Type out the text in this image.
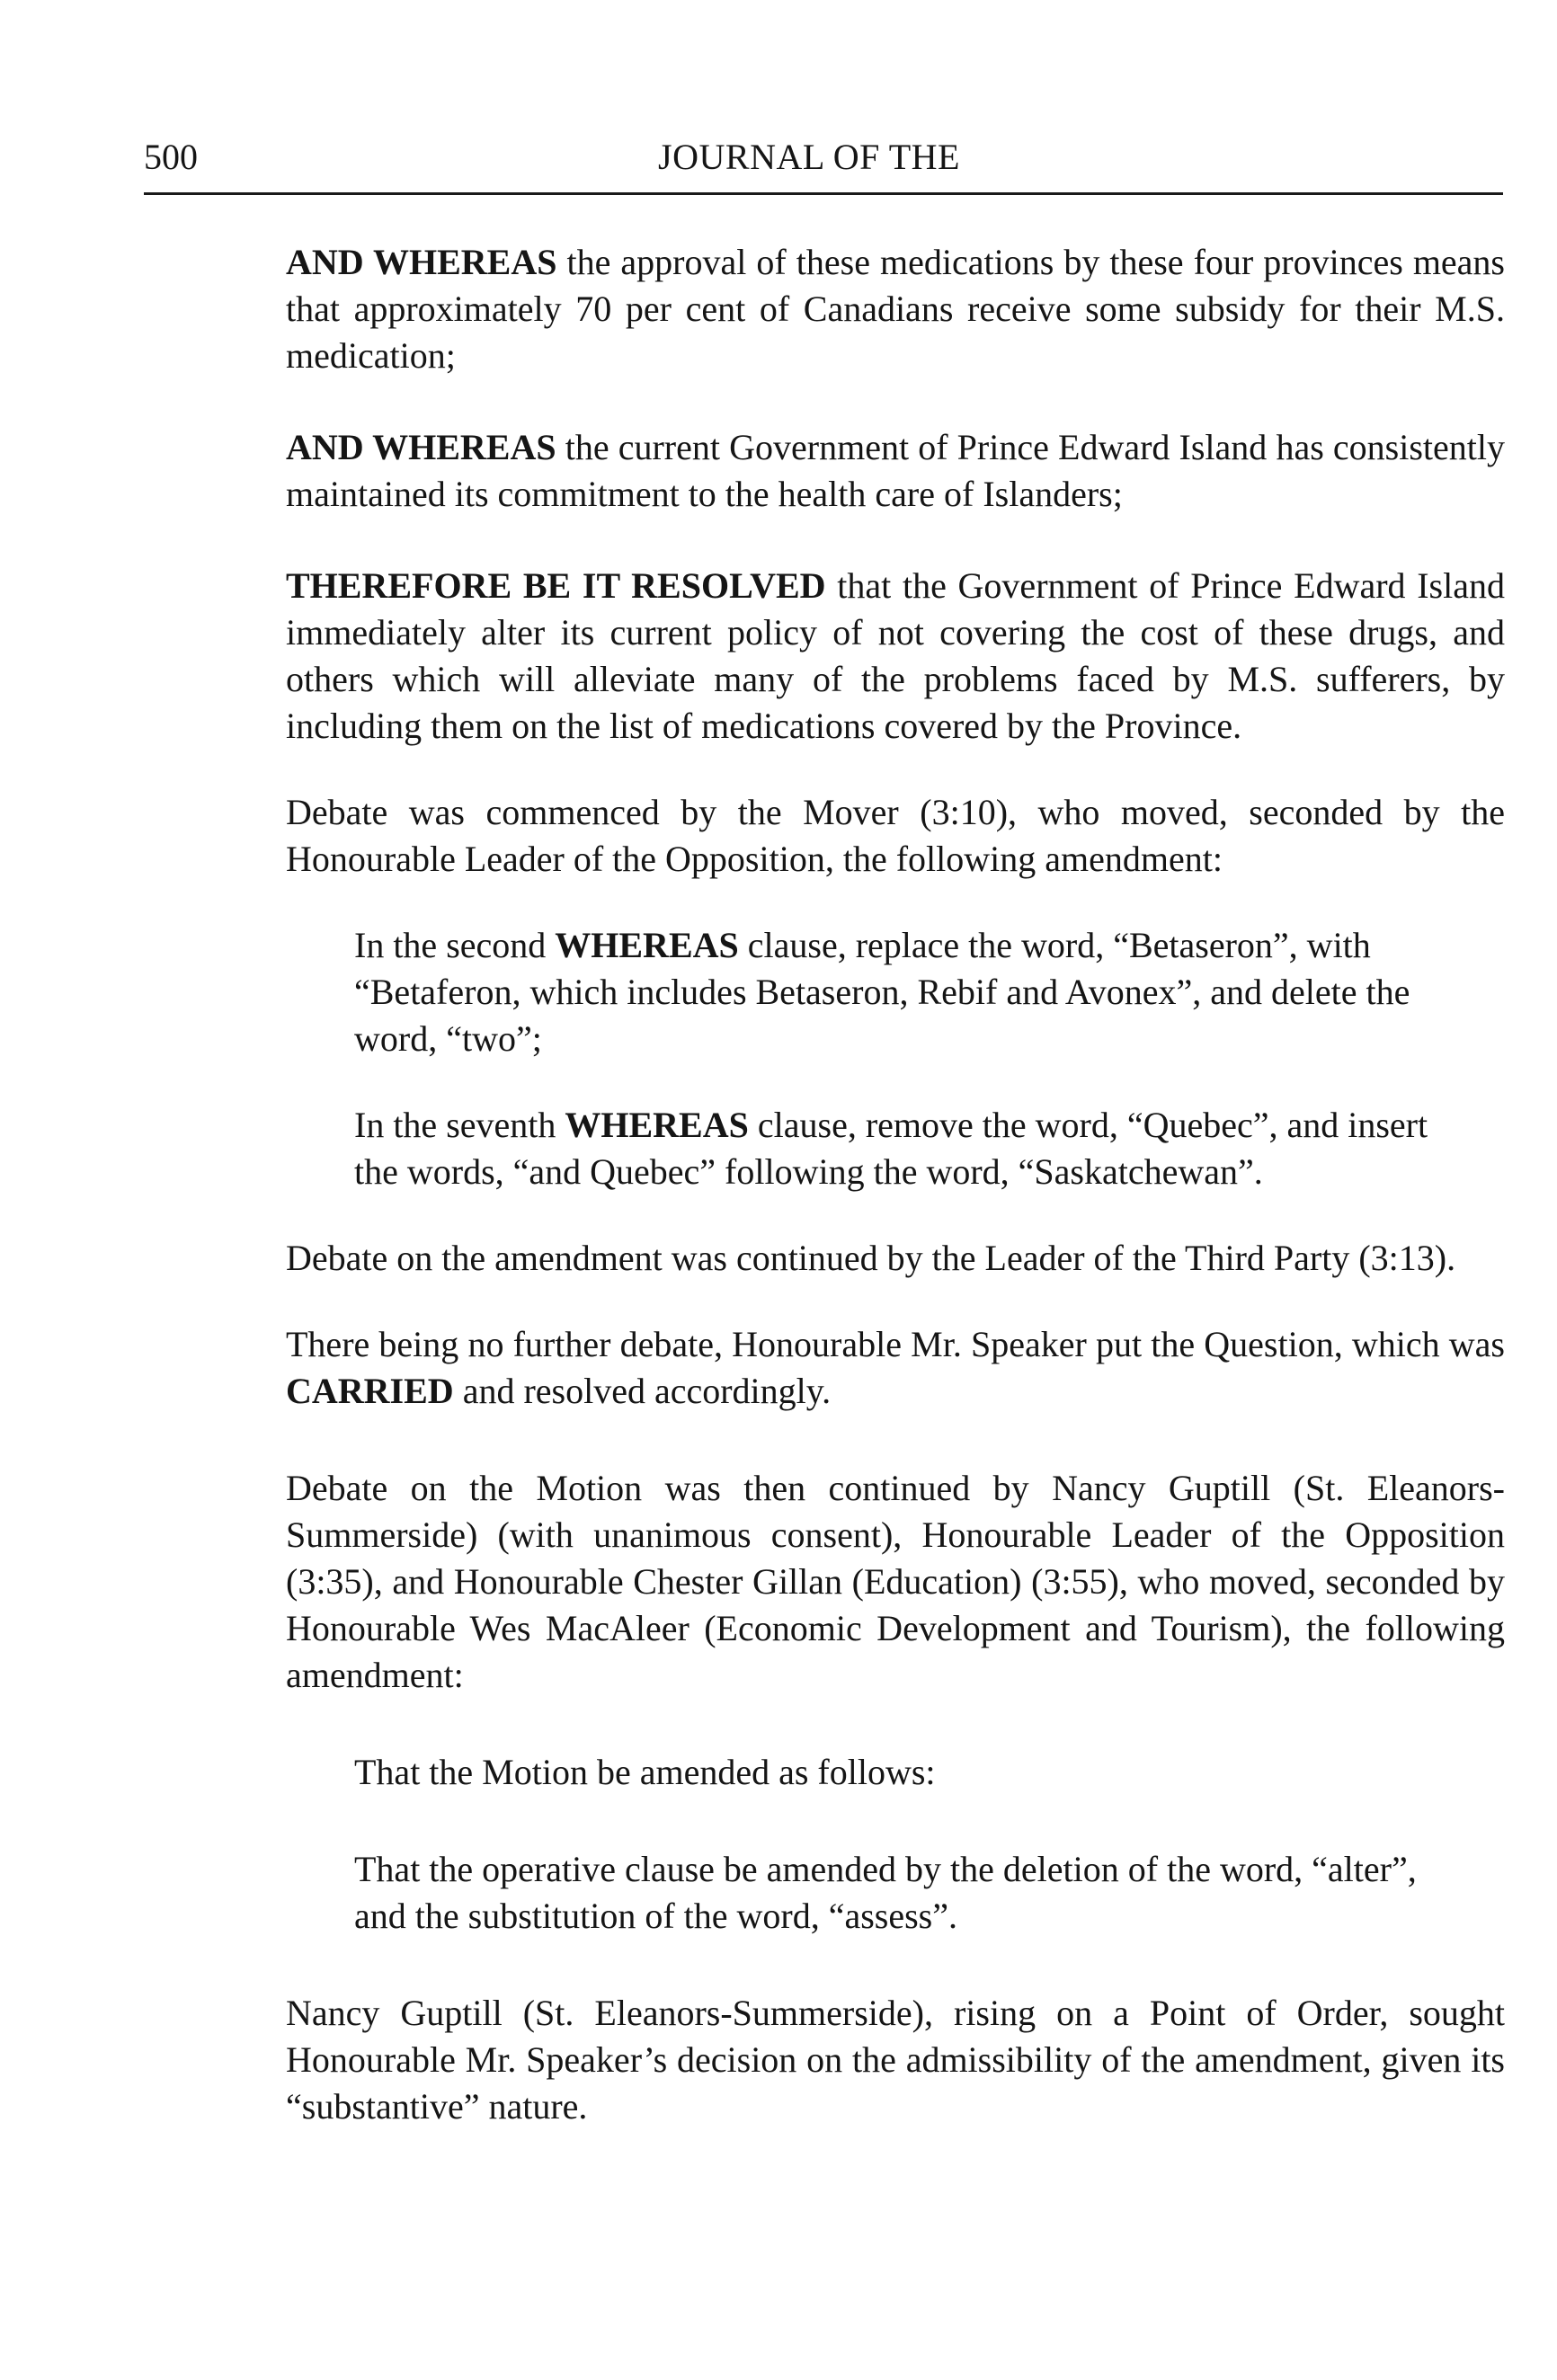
500	JOURNAL OF THE

AND WHEREAS the approval of these medications by these four provinces means that approximately 70 per cent of Canadians receive some subsidy for their M.S. medication;

AND WHEREAS the current Government of Prince Edward Island has consistently maintained its commitment to the health care of Islanders;

THEREFORE BE IT RESOLVED that the Government of Prince Edward Island immediately alter its current policy of not covering the cost of these drugs, and others which will alleviate many of the problems faced by M.S. sufferers, by including them on the list of medications covered by the Province.

Debate was commenced by the Mover (3:10), who moved, seconded by the Honourable Leader of the Opposition, the following amendment:

In the second WHEREAS clause, replace the word, “Betaseron”, with “Betaferon, which includes Betaseron, Rebif and Avonex”, and delete the word, “two”;

In the seventh WHEREAS clause, remove the word, “Quebec”, and insert the words, “and Quebec” following the word, “Saskatchewan”.

Debate on the amendment was continued by the Leader of the Third Party (3:13).

There being no further debate, Honourable Mr. Speaker put the Question, which was CARRIED and resolved accordingly.

Debate on the Motion was then continued by Nancy Guptill (St. Eleanors-Summerside) (with unanimous consent), Honourable Leader of the Opposition (3:35), and Honourable Chester Gillan (Education) (3:55), who moved, seconded by Honourable Wes MacAleer (Economic Development and Tourism), the following amendment:

That the Motion be amended as follows:

That the operative clause be amended by the deletion of the word, “alter”, and the substitution of the word, “assess”.

Nancy Guptill (St. Eleanors-Summerside), rising on a Point of Order, sought Honourable Mr. Speaker’s decision on the admissibility of the amendment, given its “substantive” nature.
